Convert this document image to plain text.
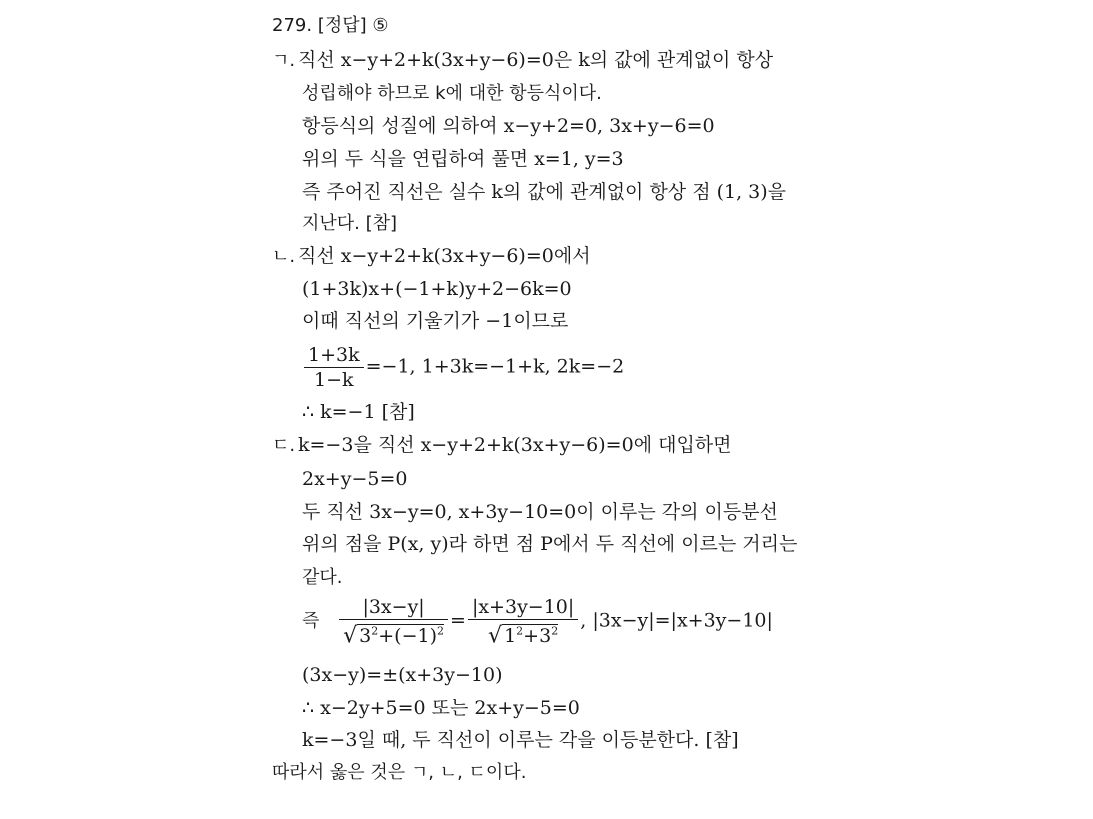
279. [정답] ⑤
ㄱ. 직선 x−y+2+k(3x+y−6)=0은 k의 값에 관계없이 항상
성립해야 하므로 k에 대한 항등식이다.
항등식의 성질에 의하여 x−y+2=0, 3x+y−6=0
위의 두 식을 연립하여 풀면 x=1, y=3
즉 주어진 직선은 실수 k의 값에 관계없이 항상 점 (1, 3)을
지난다. [참]
ㄴ. 직선 x−y+2+k(3x+y−6)=0에서
(1+3k)x+(−1+k)y+2−6k=0
이때 직선의 기울기가 −1이므로
$\frac{1+3k}{1-k} =-1$, 1+3k=−1+k, 2k=−2
∴ k=−1 [참]
ㄷ. k=−3을 직선 x−y+2+k(3x+y−6)=0에 대입하면
2x+y−5=0
두 직선 3x−y=0, x+3y−10=0이 이루는 각의 이등분선
위의 점을 P(x, y)라 하면 점 P에서 두 직선에 이르는 거리는
같다.
즉 $\frac{|3x-y|}{√ 3^2+(-1)^2} = \frac{|x+3y-10|}{√ 1^2+3^2}$ , |3x−y|=|x+3y−10|
(3x−y)=±(x+3y−10)
∴ x−2y+5=0 또는 2x+y−5=0
k=−3일 때, 두 직선이 이루는 각을 이등분한다. [참]
따라서 옳은 것은 ㄱ, ㄴ, ㄷ이다.
